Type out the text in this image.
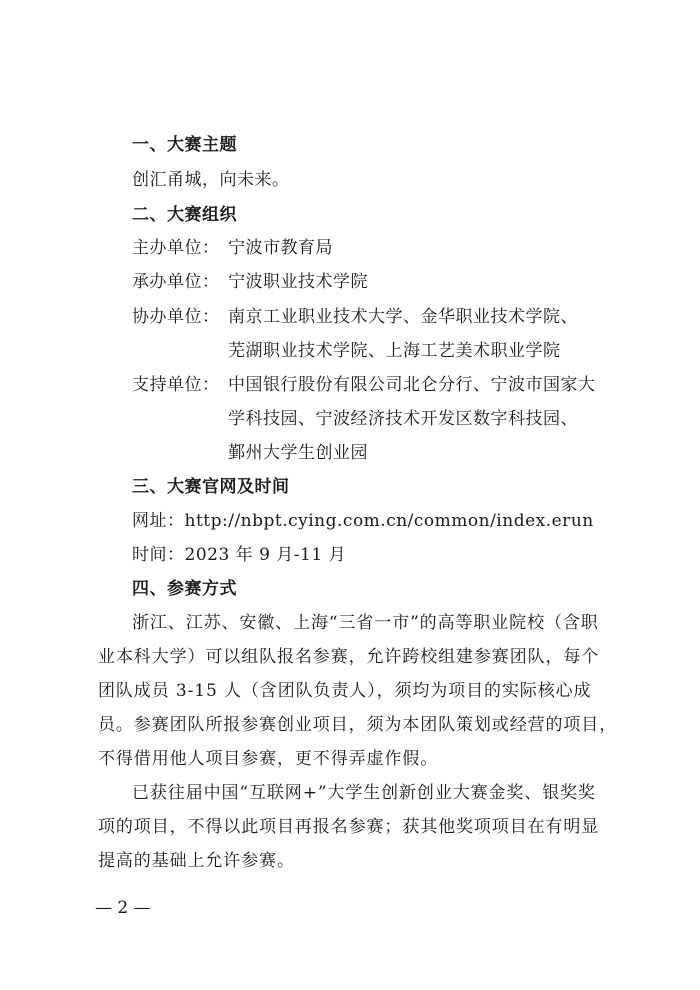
一、大赛主题

创汇甬城，向未来。

二、大赛组织

主办单位： 宁波市教育局

承办单位： 宁波职业技术学院

协办单位： 南京工业职业技术大学、金华职业技术学院、

芜湖职业技术学院、上海工艺美术职业学院

支持单位： 中国银行股份有限公司北仑分行、宁波市国家大

学科技园、宁波经济技术开发区数字科技园、

鄞州大学生创业园

三、大赛官网及时间

网址：http://nbpt.cying.com.cn/common/index.erun

时间：2023 年 9 月-11 月

四、参赛方式

浙江、江苏、安徽、上海“三省一市”的高等职业院校（含职

业本科大学）可以组队报名参赛，允许跨校组建参赛团队，每个

团队成员 3-15 人（含团队负责人），须均为项目的实际核心成

员。参赛团队所报参赛创业项目，须为本团队策划或经营的项目，

不得借用他人项目参赛，更不得弄虚作假。

已获往届中国“互联网+”大学生创新创业大赛金奖、银奖奖

项的项目，不得以此项目再报名参赛；获其他奖项项目在有明显

提高的基础上允许参赛。

— 2 —
